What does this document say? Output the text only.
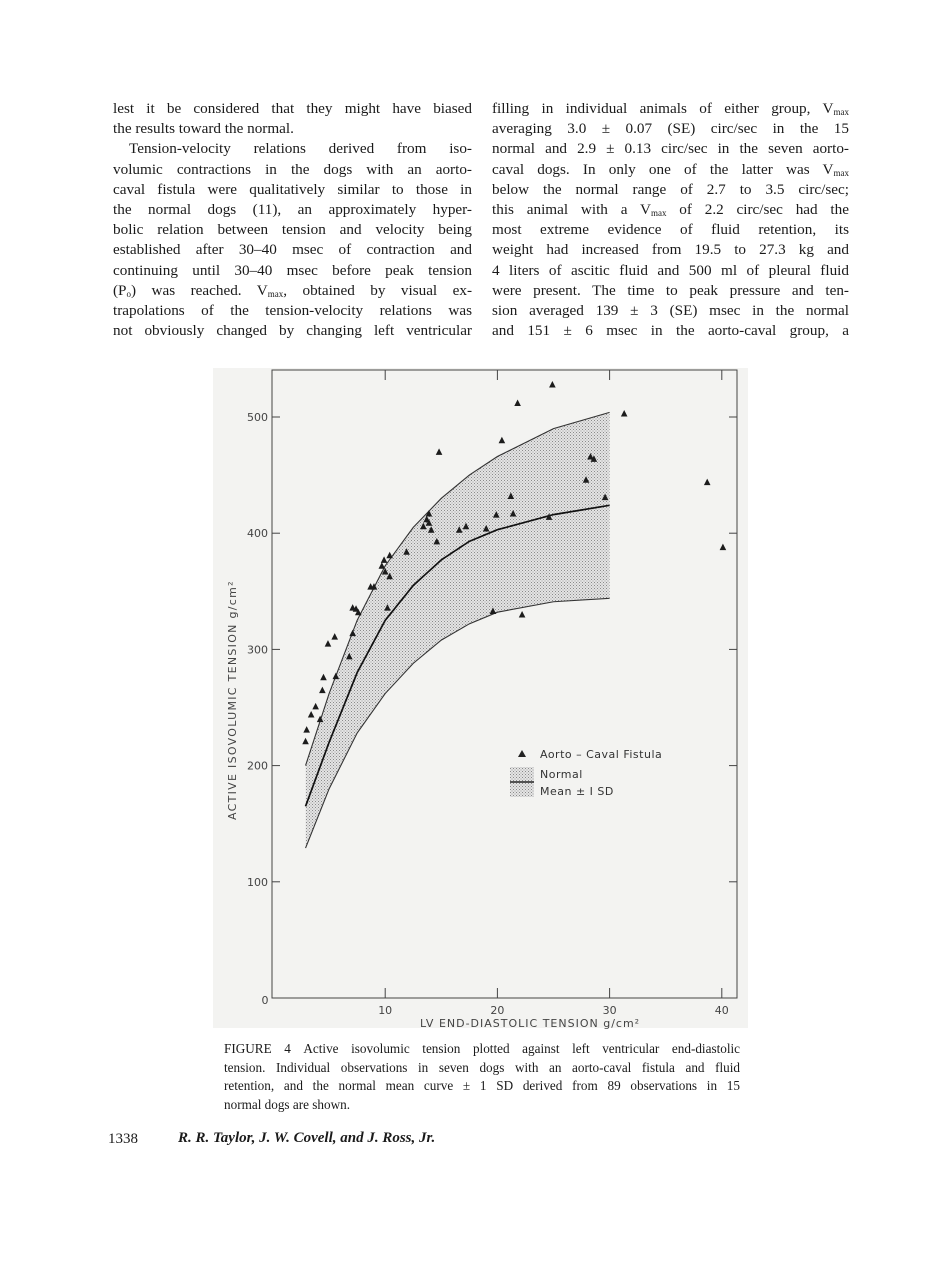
lest it be considered that they might have biased
the results toward the normal.
Tension-velocity relations derived from iso-
volumic contractions in the dogs with an aorto-
caval fistula were qualitatively similar to those in
the normal dogs (11), an approximately hyper-
bolic relation between tension and velocity being
established after 30–40 msec of contraction and
continuing until 30–40 msec before peak tension
$(P_o)$ was reached. $V_{max}$, obtained by visual ex-
trapolations of the tension-velocity relations was
not obviously changed by changing left ventricular
filling in individual animals of either group, $V_{max}$
averaging 3.0 ± 0.07 (SE) circ/sec in the 15
normal and 2.9 ± 0.13 circ/sec in the seven aorto-
caval dogs. In only one of the latter was $V_{max}$
below the normal range of 2.7 to 3.5 circ/sec;
this animal with a $V_{max}$ of 2.2 circ/sec had the
most extreme evidence of fluid retention, its
weight had increased from 19.5 to 27.3 kg and
4 liters of ascitic fluid and 500 ml of pleural fluid
were present. The time to peak pressure and ten-
sion averaged 139 ± 3 (SE) msec in the normal
and 151 ± 6 msec in the aorto-caval group, a
0
10	20	30	40
100
200
300
400
500
Aorto – Caval Fistula
Normal
Mean ± I SD
LV END-DIASTOLIC TENSION g/cm²
ACTIVE ISOVOLUMIC TENSION g/cm²
FIGURE 4 Active isovolumic tension plotted against left ventricular end-diastolic
tension. Individual observations in seven dogs with an aorto-caval fistula and fluid
retention, and the normal mean curve ± 1 SD derived from 89 observations in 15
normal dogs are shown.
1338	R. R. Taylor, J. W. Covell, and J. Ross, Jr.
